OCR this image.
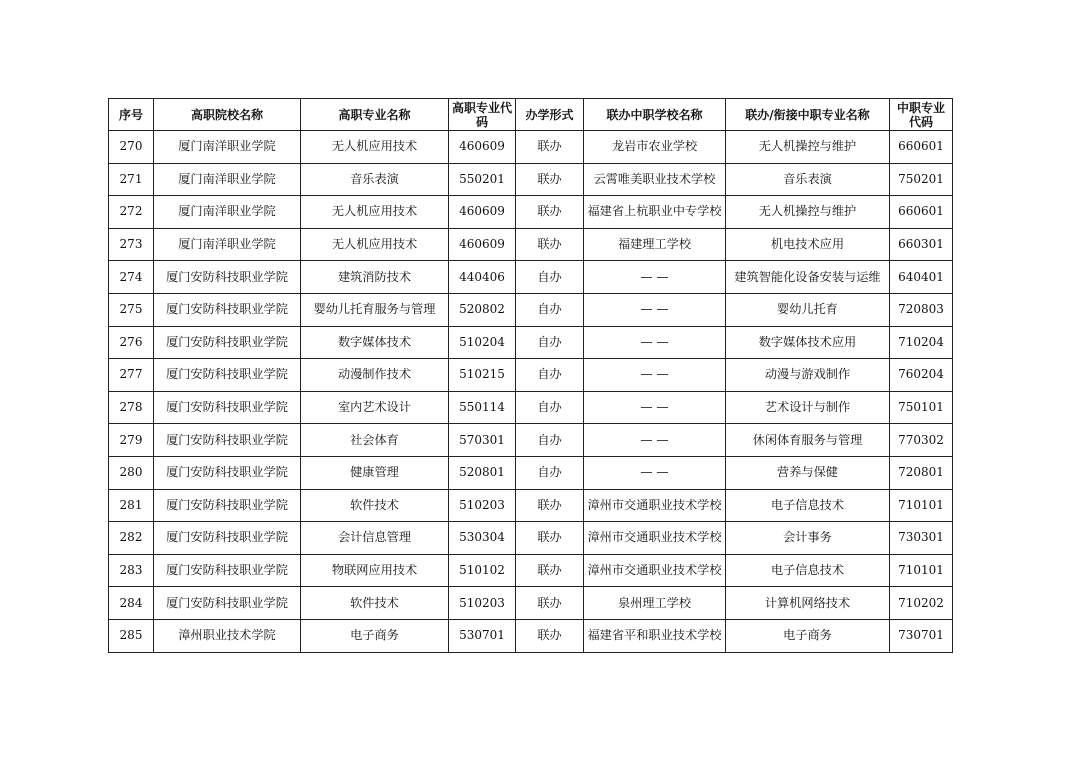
序号	高职院校名称	高职专业名称	高职专业代码	办学形式	联办中职学校名称	联办/衔接中职专业名称	中职专业代码
270	厦门南洋职业学院	无人机应用技术	460609	联办	龙岩市农业学校	无人机操控与维护	660601
271	厦门南洋职业学院	音乐表演	550201	联办	云霄唯美职业技术学校	音乐表演	750201
272	厦门南洋职业学院	无人机应用技术	460609	联办	福建省上杭职业中专学校	无人机操控与维护	660601
273	厦门南洋职业学院	无人机应用技术	460609	联办	福建理工学校	机电技术应用	660301
274	厦门安防科技职业学院	建筑消防技术	440406	自办	— —	建筑智能化设备安装与运维	640401
275	厦门安防科技职业学院	婴幼儿托育服务与管理	520802	自办	— —	婴幼儿托育	720803
276	厦门安防科技职业学院	数字媒体技术	510204	自办	— —	数字媒体技术应用	710204
277	厦门安防科技职业学院	动漫制作技术	510215	自办	— —	动漫与游戏制作	760204
278	厦门安防科技职业学院	室内艺术设计	550114	自办	— —	艺术设计与制作	750101
279	厦门安防科技职业学院	社会体育	570301	自办	— —	休闲体育服务与管理	770302
280	厦门安防科技职业学院	健康管理	520801	自办	— —	营养与保健	720801
281	厦门安防科技职业学院	软件技术	510203	联办	漳州市交通职业技术学校	电子信息技术	710101
282	厦门安防科技职业学院	会计信息管理	530304	联办	漳州市交通职业技术学校	会计事务	730301
283	厦门安防科技职业学院	物联网应用技术	510102	联办	漳州市交通职业技术学校	电子信息技术	710101
284	厦门安防科技职业学院	软件技术	510203	联办	泉州理工学校	计算机网络技术	710202
285	漳州职业技术学院	电子商务	530701	联办	福建省平和职业技术学校	电子商务	730701
